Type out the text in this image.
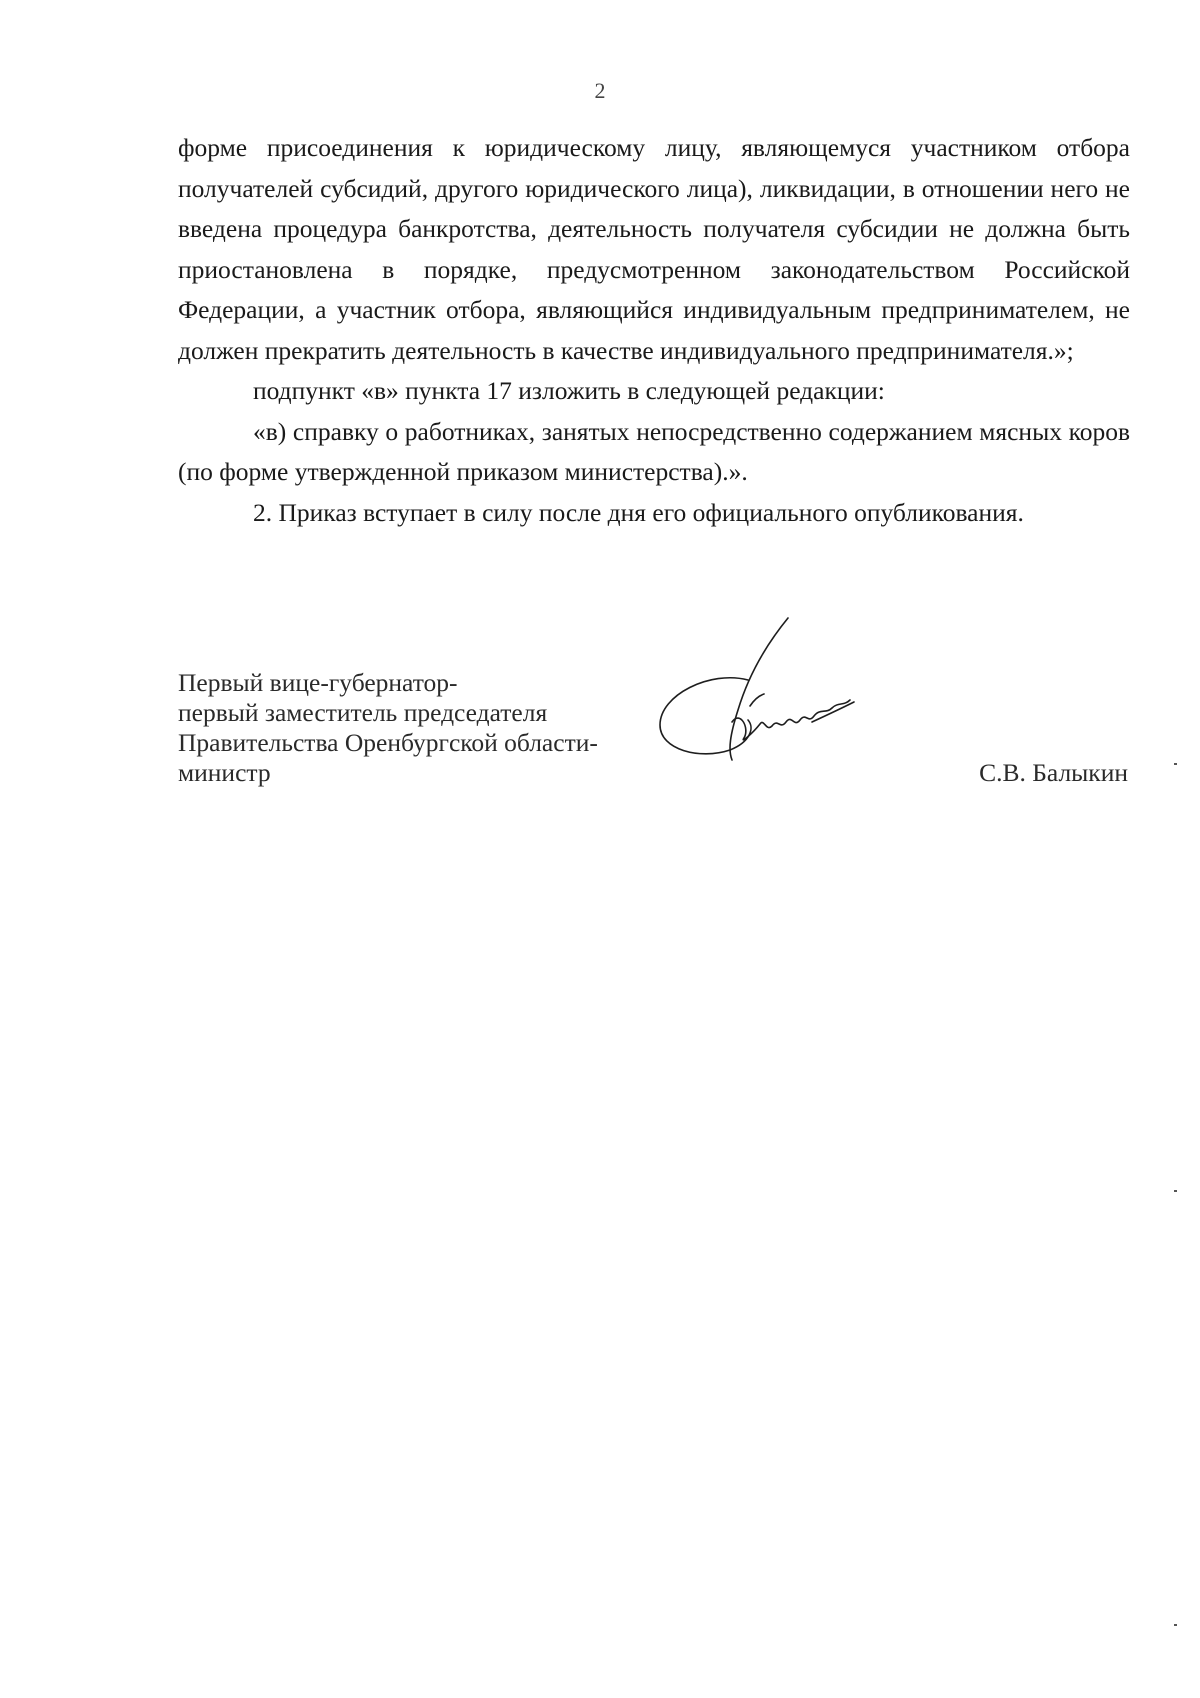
2

форме присоединения к юридическому лицу, являющемуся участником отбора получателей субсидий, другого юридического лица), ликвидации, в отношении него не введена процедура банкротства, деятельность получателя субсидии не должна быть приостановлена в порядке, предусмотренном законодательством Российской Федерации, а участник отбора, являющийся индивидуальным предпринимателем, не должен прекратить деятельность в качестве индивидуального предпринимателя.»;

подпункт «в» пункта 17 изложить в следующей редакции:

«в) справку о работниках, занятых непосредственно содержанием мясных коров (по форме утвержденной приказом министерства).».

2. Приказ вступает в силу после дня его официального опубликования.

Первый вице-губернатор-
первый заместитель председателя
Правительства Оренбургской области-
министр	С.В. Балыкин
